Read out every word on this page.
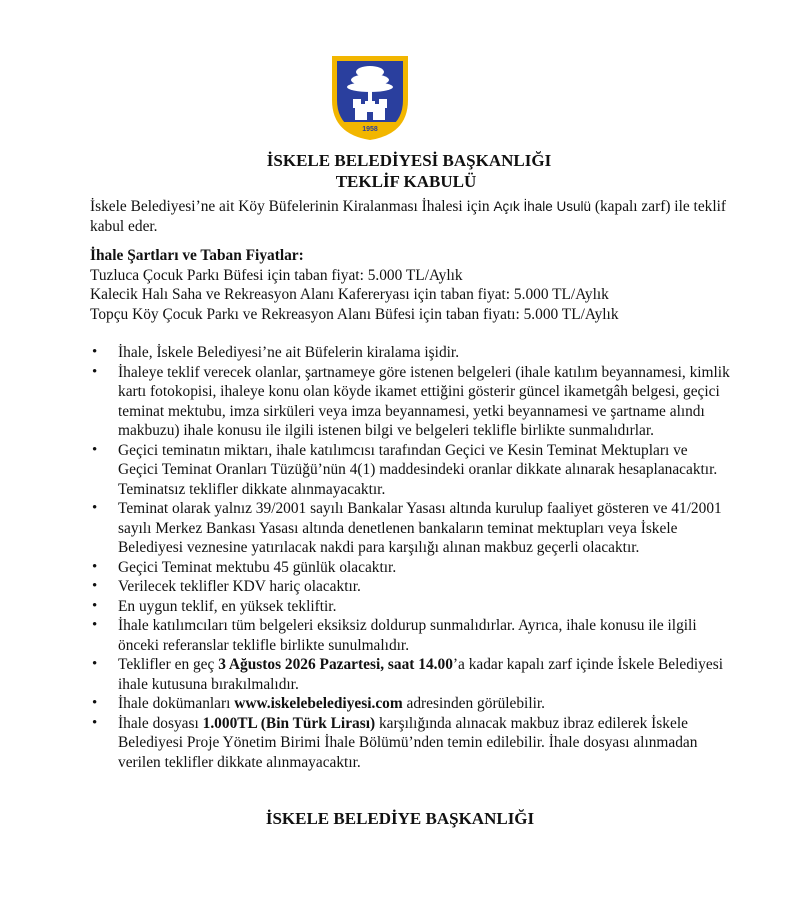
1958
İSKELE BELEDİYESİ BAŞKANLIĞI
TEKLİF KABULÜ

İskele Belediyesi’ne ait Köy Büfelerinin Kiralanması İhalesi için Açık İhale Usulü (kapalı zarf) ile teklif kabul eder.

İhale Şartları ve Taban Fiyatlar:

Tuzluca Çocuk Parkı Büfesi için taban fiyat: 5.000 TL/Aylık

Kalecik Halı Saha ve Rekreasyon Alanı Kafereryası için taban fiyat: 5.000 TL/Aylık

Topçu Köy Çocuk Parkı ve Rekreasyon Alanı Büfesi için taban fiyatı: 5.000 TL/Aylık

• İhale, İskele Belediyesi’ne ait Büfelerin kiralama işidir.
• İhaleye teklif verecek olanlar, şartnameye göre istenen belgeleri (ihale katılım beyannamesi, kimlik kartı fotokopisi, ihaleye konu olan köyde ikamet ettiğini gösterir güncel ikametgâh belgesi, geçici teminat mektubu, imza sirküleri veya imza beyannamesi, yetki beyannamesi ve şartname alındı makbuzu) ihale konusu ile ilgili istenen bilgi ve belgeleri teklifle birlikte sunmalıdırlar.
• Geçici teminatın miktarı, ihale katılımcısı tarafından Geçici ve Kesin Teminat Mektupları ve Geçici Teminat Oranları Tüzüğü’nün 4(1) maddesindeki oranlar dikkate alınarak hesaplanacaktır. Teminatsız teklifler dikkate alınmayacaktır.
• Teminat olarak yalnız 39/2001 sayılı Bankalar Yasası altında kurulup faaliyet gösteren ve 41/2001 sayılı Merkez Bankası Yasası altında denetlenen bankaların teminat mektupları veya İskele Belediyesi veznesine yatırılacak nakdi para karşılığı alınan makbuz geçerli olacaktır.
• Geçici Teminat mektubu 45 günlük olacaktır.
• Verilecek teklifler KDV hariç olacaktır.
• En uygun teklif, en yüksek tekliftir.
• İhale katılımcıları tüm belgeleri eksiksiz doldurup sunmalıdırlar. Ayrıca, ihale konusu ile ilgili önceki referanslar teklifle birlikte sunulmalıdır.
• Teklifler en geç 3 Ağustos 2026 Pazartesi, saat 14.00’a kadar kapalı zarf içinde İskele Belediyesi ihale kutusuna bırakılmalıdır.
• İhale dokümanları www.iskelebelediyesi.com adresinden görülebilir.
• İhale dosyası 1.000TL (Bin Türk Lirası) karşılığında alınacak makbuz ibraz edilerek İskele Belediyesi Proje Yönetim Birimi İhale Bölümü’nden temin edilebilir. İhale dosyası alınmadan verilen teklifler dikkate alınmayacaktır.
İSKELE BELEDİYE BAŞKANLIĞI
